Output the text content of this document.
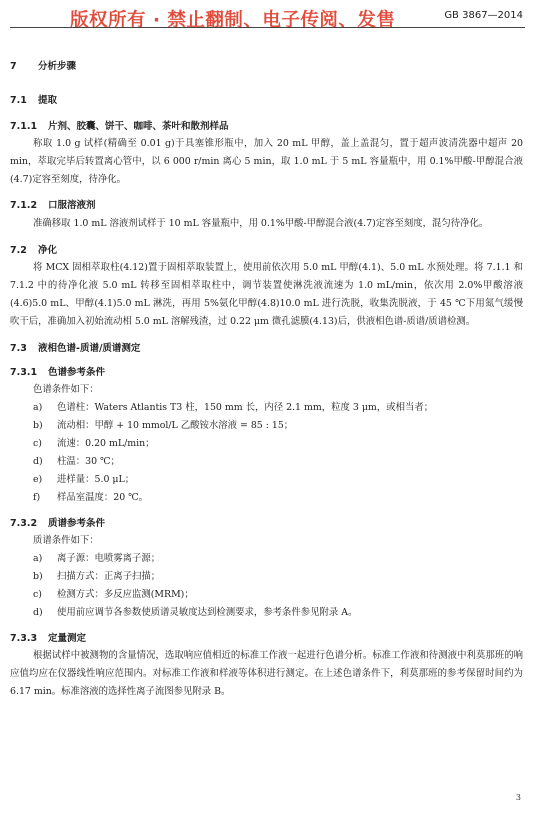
版权所有 · 禁止翻制、电子传阅、发售	GB 3867—2014
7 分析步骤
7.1 提取
7.1.1 片剂、胶囊、饼干、咖啡、茶叶和散剂样品

称取 1.0 g 试样(精确至 0.01 g)于具塞锥形瓶中，加入 20 mL 甲醇，盖上盖混匀，置于超声波清洗器中超声 20 min，萃取完毕后转置离心管中，以 6 000 r/min 离心 5 min，取 1.0 mL 于 5 mL 容量瓶中，用 0.1%甲酸-甲醇混合液(4.7)定容至刻度，待净化。

7.1.2 口服溶液剂

准确移取 1.0 mL 溶液剂试样于 10 mL 容量瓶中，用 0.1%甲酸-甲醇混合液(4.7)定容至刻度，混匀待净化。

7.2 净化

将 MCX 固相萃取柱(4.12)置于固相萃取装置上，使用前依次用 5.0 mL 甲醇(4.1)、5.0 mL 水预处理。将 7.1.1 和 7.1.2 中的待净化液 5.0 mL 转移至固相萃取柱中，调节装置使淋洗液流速为 1.0 mL/min，依次用 2.0%甲酸溶液(4.6)5.0 mL、甲醇(4.1)5.0 mL 淋洗，再用 5%氨化甲醇(4.8)10.0 mL 进行洗脱，收集洗脱液，于 45 ℃下用氮气缓慢吹干后，准确加入初始流动相 5.0 mL 溶解残渣，过 0.22 μm 微孔滤膜(4.13)后，供液相色谱-质谱/质谱检测。

7.3 液相色谱-质谱/质谱测定
7.3.1 色谱参考条件

色谱条件如下：

a) 色谱柱：Waters Atlantis T3 柱，150 mm 长，内径 2.1 mm，粒度 3 μm，或相当者；
b) 流动相：甲醇 + 10 mmol/L 乙酸铵水溶液 = 85 : 15；
c) 流速：0.20 mL/min；
d) 柱温：30 ℃；
e) 进样量：5.0 μL；
f) 样品室温度：20 ℃。
7.3.2 质谱参考条件

质谱条件如下：

a) 离子源：电喷雾离子源；
b) 扫描方式：正离子扫描；
c) 检测方式：多反应监测(MRM)；
d) 使用前应调节各参数使质谱灵敏度达到检测要求，参考条件参见附录 A。
7.3.3 定量测定

根据试样中被测物的含量情况，选取响应值相近的标准工作液一起进行色谱分析。标准工作液和待测液中利莫那班的响应值均应在仪器线性响应范围内。对标准工作液和样液等体积进行测定。在上述色谱条件下，利莫那班的参考保留时间约为 6.17 min。标准溶液的选择性离子流图参见附录 B。

3
